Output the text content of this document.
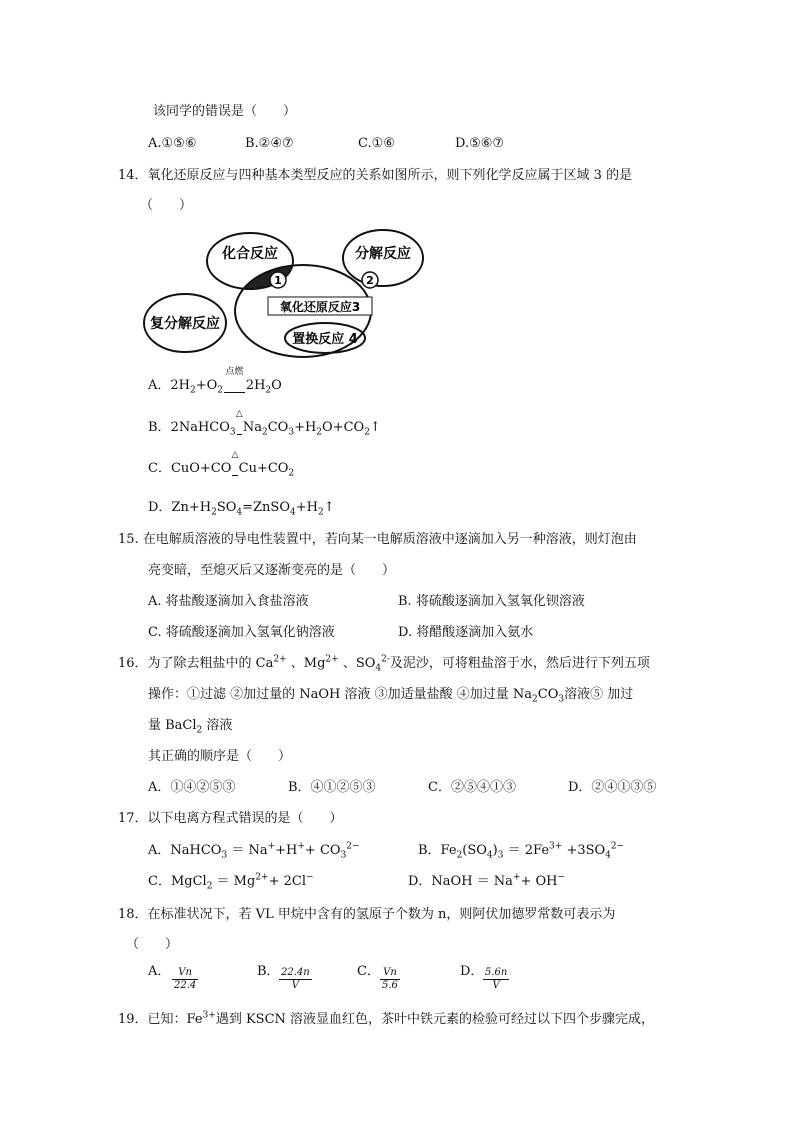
该同学的错误是（　　）
A.①⑤⑥	B.②④⑦	C.①⑥	D.⑤⑥⑦
14．氧化还原反应与四种基本类型反应的关系如图所示，则下列化学反应属于区域 3 的是
（　　）
1	2
化合反应	分解反应
氧化还原反应3
置换反应 4
复分解反应
A．$2H_2+O_2$
点燃
        $2H_2O$
B．2NaHCO$_3$
△
  $Na_2CO_3+H_2O+CO_2↑$
C．CuO+CO
△
  $Cu+CO_2$
D．$Zn+H_2SO_4=ZnSO_4+H_2↑$
15. 在电解质溶液的导电性装置中，若向某一电解质溶液中逐滴加入另一种溶液，则灯泡由
亮变暗，至熄灭后又逐渐变亮的是（　　）
A. 将盐酸逐滴加入食盐溶液	B. 将硫酸逐滴加入氢氧化钡溶液
C. 将硫酸逐滴加入氢氧化钠溶液	D. 将醋酸逐滴加入氨水
16．为了除去粗盐中的 $Ca^{2+}$ 、$Mg^{2+}$ 、$SO_4^{2-}$及泥沙，可将粗盐溶于水，然后进行下列五项
操作：①过滤 ②加过量的 NaOH 溶液 ③加适量盐酸 ④加过量 $Na_2CO_3$溶液⑤ 加过
量 BaCl$_2$ 溶液
其正确的顺序是（　　）
A．①④②⑤③	B．④①②⑤③	C．②⑤④①③	D．②④①③⑤
17．以下电离方程式错误的是（　　）
A．NaHCO$_3$ ＝ $Na^++H^++ CO_3^{2-}$	B．$Fe_2(SO_4)_3 = 2Fe^{3+} +3SO_4^{2-}$
C．MgCl$_2$ ＝ $Mg^{2+}+ 2Cl^-$	D．NaOH ＝ Na++ OH−
18．在标准状况下，若 VL 甲烷中含有的氢原子个数为 n，则阿伏加德罗常数可表示为
（　　）
A． $\frac{Vn}{22.4}$	B． $\frac{22.4n}{V}$	C． $\frac{Vn}{5.6}$	D． $\frac{5.6n}{V}$
19．已知：$Fe^{3+}$遇到 KSCN 溶液显血红色，茶叶中铁元素的检验可经过以下四个步骤完成，
